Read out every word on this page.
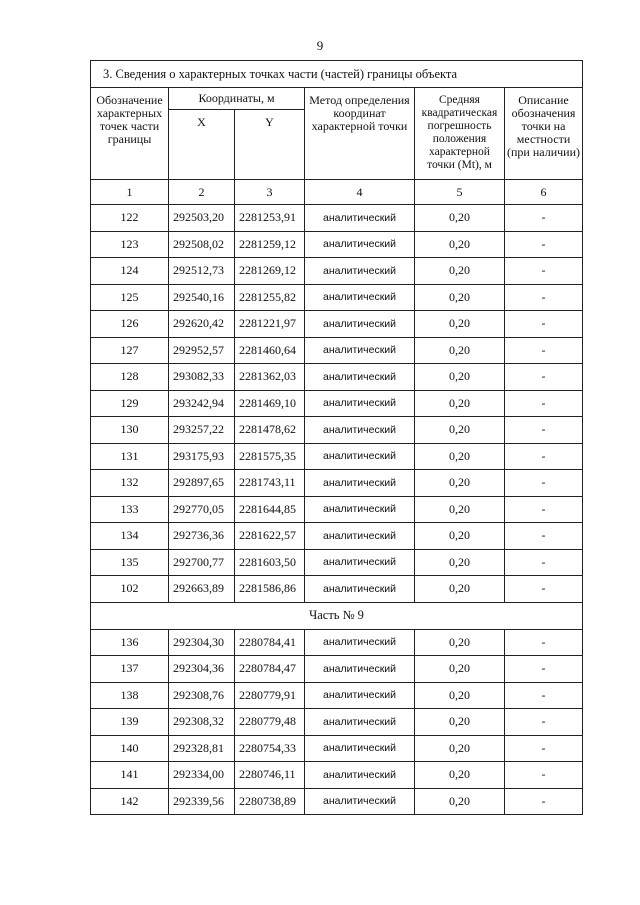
9
3. Сведения о характерных точках части (частей) границы объекта					
Обозначение характерных точек части границы	Координаты, м		Метод определения координат характерной точки	Средняя квадратическая погрешность положения характерной точки (Mt), м	Описание обозначения точки на местности (при наличии)
	X	Y			
1	2	3	4	5	6
122	292503,20	2281253,91	аналитический	0,20	-
123	292508,02	2281259,12	аналитический	0,20	-
124	292512,73	2281269,12	аналитический	0,20	-
125	292540,16	2281255,82	аналитический	0,20	-
126	292620,42	2281221,97	аналитический	0,20	-
127	292952,57	2281460,64	аналитический	0,20	-
128	293082,33	2281362,03	аналитический	0,20	-
129	293242,94	2281469,10	аналитический	0,20	-
130	293257,22	2281478,62	аналитический	0,20	-
131	293175,93	2281575,35	аналитический	0,20	-
132	292897,65	2281743,11	аналитический	0,20	-
133	292770,05	2281644,85	аналитический	0,20	-
134	292736,36	2281622,57	аналитический	0,20	-
135	292700,77	2281603,50	аналитический	0,20	-
102	292663,89	2281586,86	аналитический	0,20	-
Часть № 9					
136	292304,30	2280784,41	аналитический	0,20	-
137	292304,36	2280784,47	аналитический	0,20	-
138	292308,76	2280779,91	аналитический	0,20	-
139	292308,32	2280779,48	аналитический	0,20	-
140	292328,81	2280754,33	аналитический	0,20	-
141	292334,00	2280746,11	аналитический	0,20	-
142	292339,56	2280738,89	аналитический	0,20	-
